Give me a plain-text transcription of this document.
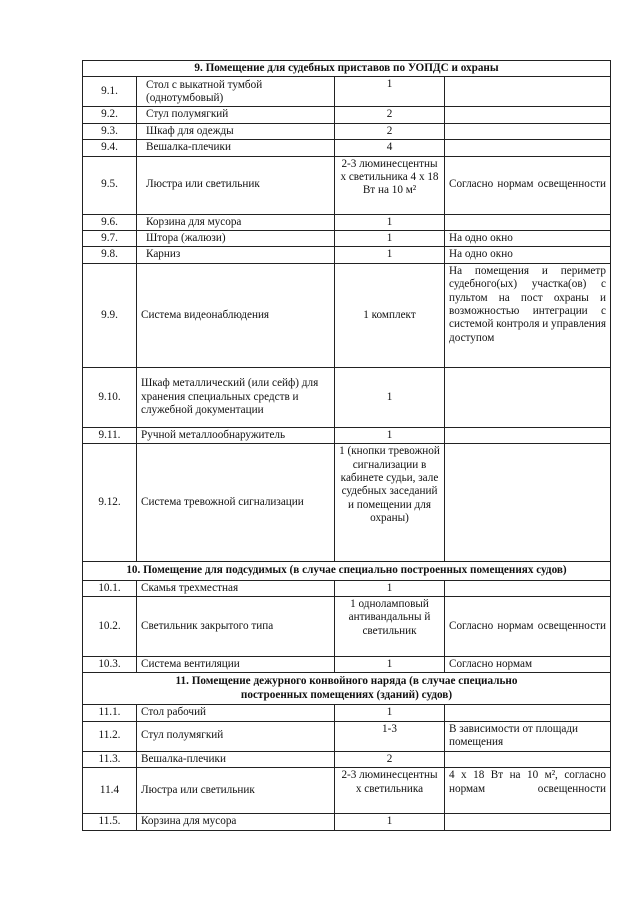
9. Помещение для судебных приставов по УОПДС и охраны			
9.1.	Стол с выкатной тумбой (однотумбовый)	1	
9.2.	Стул полумягкий	2	
9.3.	Шкаф для одежды	2	
9.4.	Вешалка-плечики	4	
9.5.	Люстра или светильник	2-3 люминесцентны х светильника 4 х 18 Вт на 10 м²	Согласно нормам освещенности
9.6.	Корзина для мусора	1	
9.7.	Штора (жалюзи)	1	На одно окно
9.8.	Карниз	1	На одно окно
9.9.	Система видеонаблюдения	1 комплект	На помещения и периметр судебного(ых) участка(ов) с пультом на пост охраны и возможностью интеграции с системой контроля и управления доступом
9.10.	Шкаф металлический (или сейф) для хранения специальных средств и служебной документации	1	
9.11.	Ручной металлообнаружитель	1	
9.12.	Система тревожной сигнализации	1 (кнопки тревожной сигнализации в кабинете судьи, зале судебных заседаний и помещении для охраны)	
10. Помещение для подсудимых (в случае специально построенных помещениях судов)			
10.1.	Скамья трехместная	1	
10.2.	Светильник закрытого типа	1 одноламповый антивандальны й светильник	Согласно нормам освещенности
10.3.	Система вентиляции	1	Согласно нормам
11. Помещение дежурного конвойного наряда (в случае специально построенных помещениях (зданий) судов)			
11.1.	Стол рабочий	1	
11.2.	Стул полумягкий	1-3	В зависимости от площади помещения
11.3.	Вешалка-плечики	2	
11.4	Люстра или светильник	2-3 люминесцентны х светильника	4 х 18 Вт на 10 м², согласно нормам освещенности
11.5.	Корзина для мусора	1	
